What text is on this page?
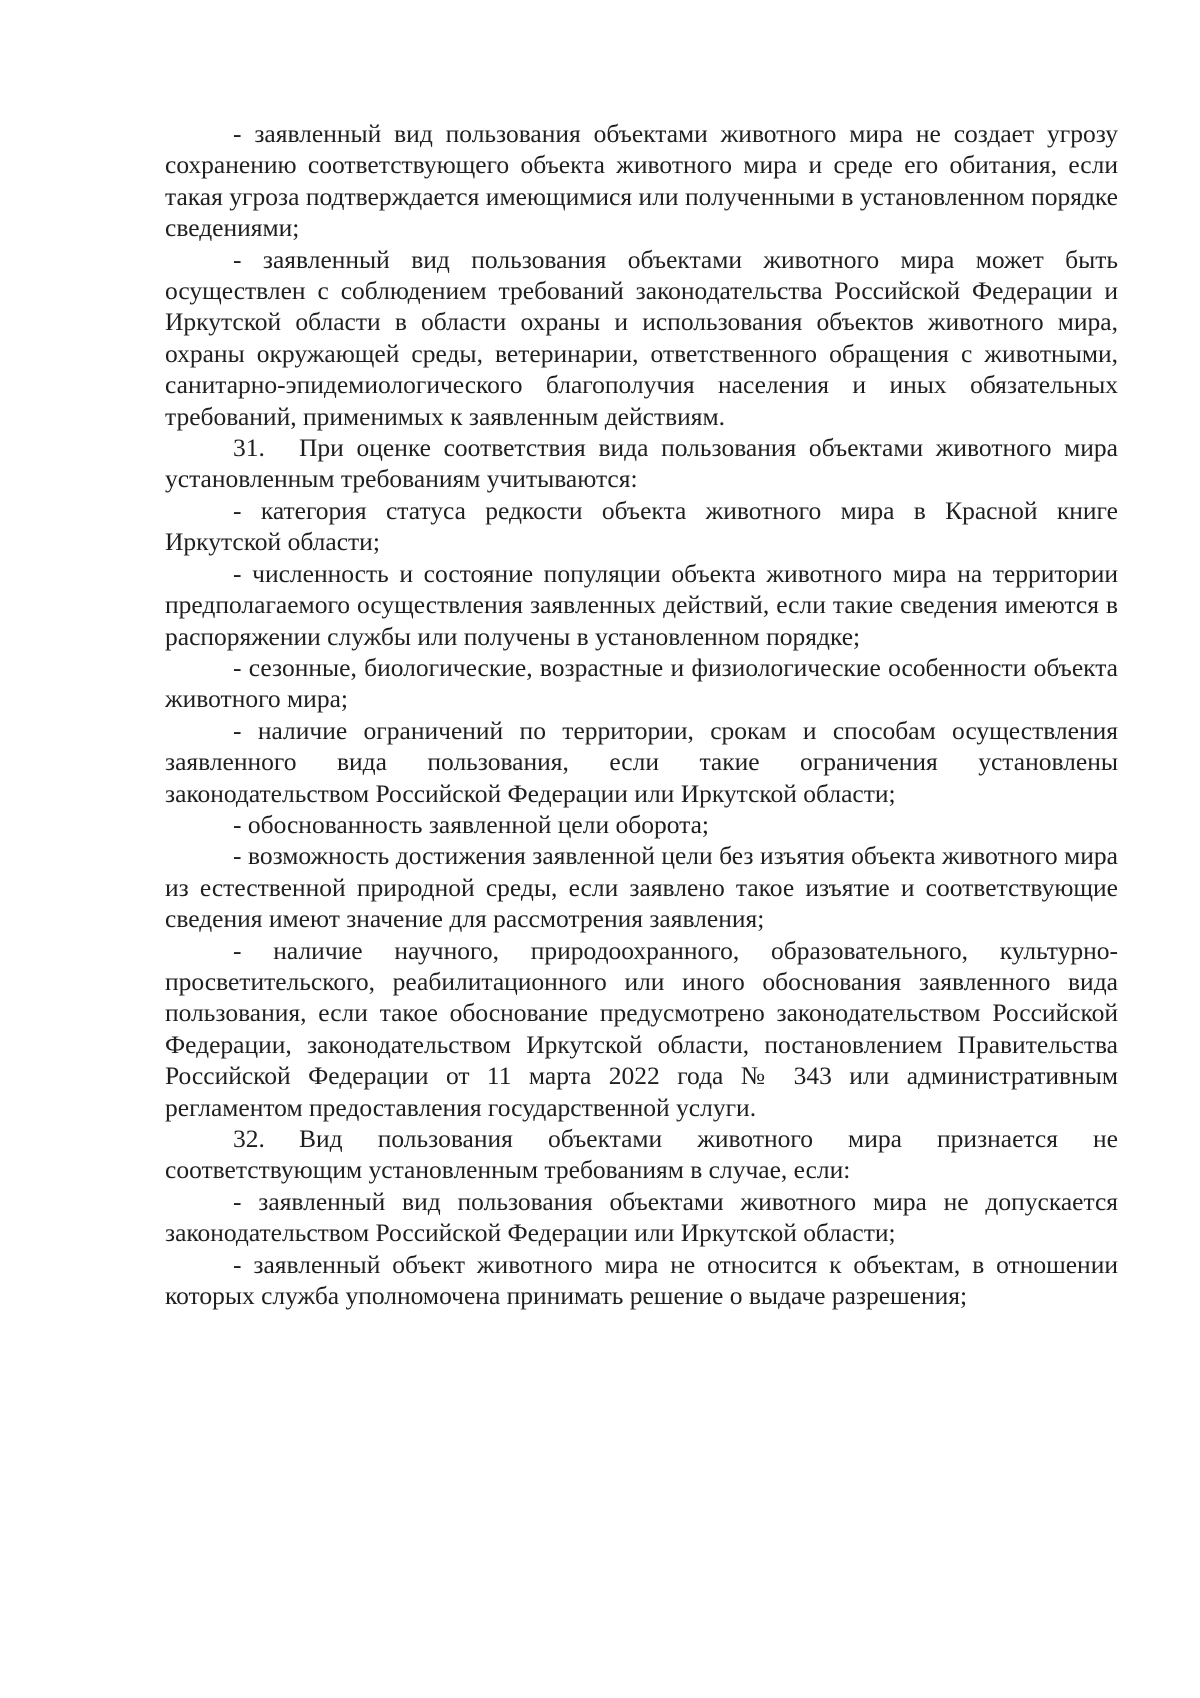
- заявленный вид пользования объектами животного мира не создает угрозу сохранению соответствующего объекта животного мира и среде его обитания, если такая угроза подтверждается имеющимися или полученными в установленном порядке сведениями;

- заявленный вид пользования объектами животного мира может быть осуществлен с соблюдением требований законодательства Российской Федерации и Иркутской области в области охраны и использования объектов животного мира, охраны окружающей среды, ветеринарии, ответственного обращения с животными, санитарно-эпидемиологического благополучия населения и иных обязательных требований, применимых к заявленным действиям.

31. При оценке соответствия вида пользования объектами животного мира установленным требованиям учитываются:

- категория статуса редкости объекта животного мира в Красной книге Иркутской области;

- численность и состояние популяции объекта животного мира на территории предполагаемого осуществления заявленных действий, если такие сведения имеются в распоряжении службы или получены в установленном порядке;

- сезонные, биологические, возрастные и физиологические особенности объекта животного мира;

- наличие ограничений по территории, срокам и способам осуществления заявленного вида пользования, если такие ограничения установлены законодательством Российской Федерации или Иркутской области;

- обоснованность заявленной цели оборота;

- возможность достижения заявленной цели без изъятия объекта животного мира из естественной природной среды, если заявлено такое изъятие и соответствующие сведения имеют значение для рассмотрения заявления;

- наличие научного, природоохранного, образовательного, культурно-просветительского, реабилитационного или иного обоснования заявленного вида пользования, если такое обоснование предусмотрено законодательством Российской Федерации, законодательством Иркутской области, постановлением Правительства Российской Федерации от 11 марта 2022 года № 343 или административным регламентом предоставления государственной услуги.

32. Вид пользования объектами животного мира признается не соответствующим установленным требованиям в случае, если:

- заявленный вид пользования объектами животного мира не допускается законодательством Российской Федерации или Иркутской области;

- заявленный объект животного мира не относится к объектам, в отношении которых служба уполномочена принимать решение о выдаче разрешения;
